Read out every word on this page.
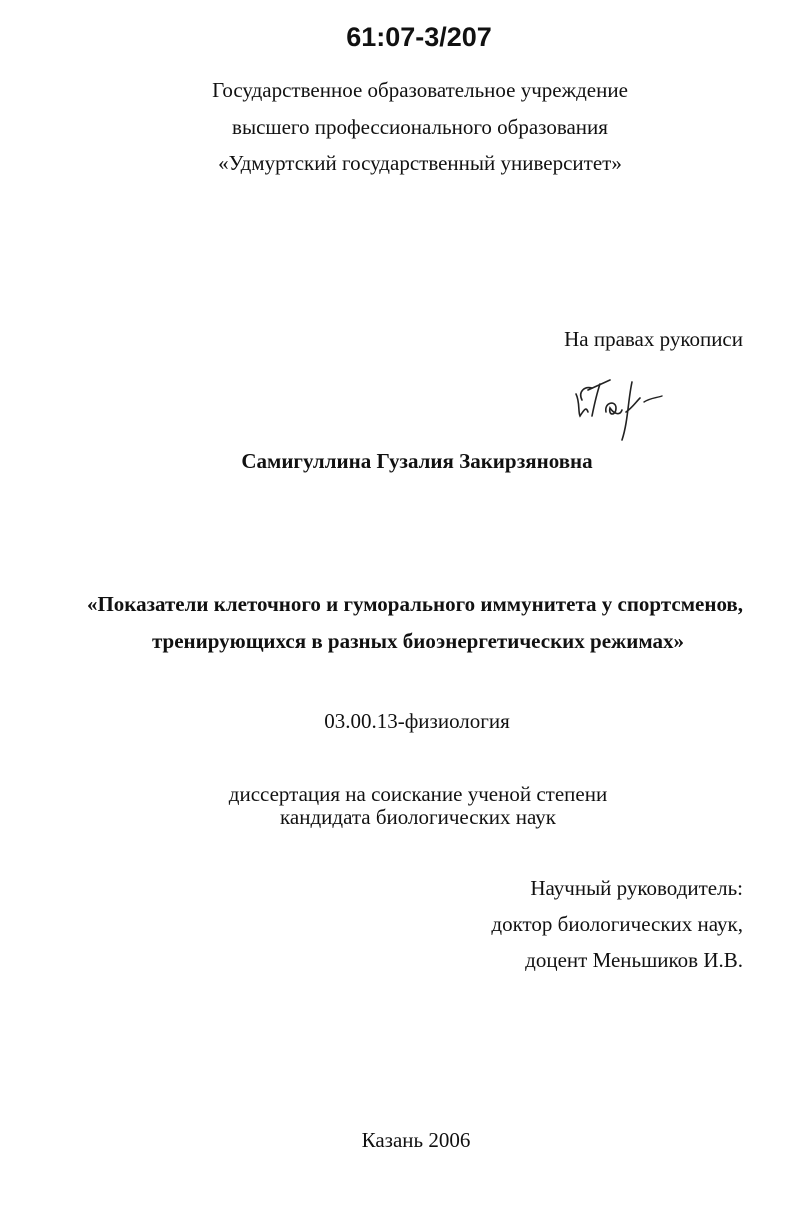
61:07-3/207
Государственное образовательное учреждение
высшего профессионального образования
«Удмуртский государственный университет»
На правах рукописи
Самигуллина Гузалия Закирзяновна
«Показатели клеточного и гуморального иммунитета у спортсменов,
тренирующихся в разных биоэнергетических режимах»
03.00.13-физиология
диссертация на соискание ученой степени
кандидата биологических наук
Научный руководитель:
доктор биологических наук,
доцент Меньшиков И.В.
Казань 2006
